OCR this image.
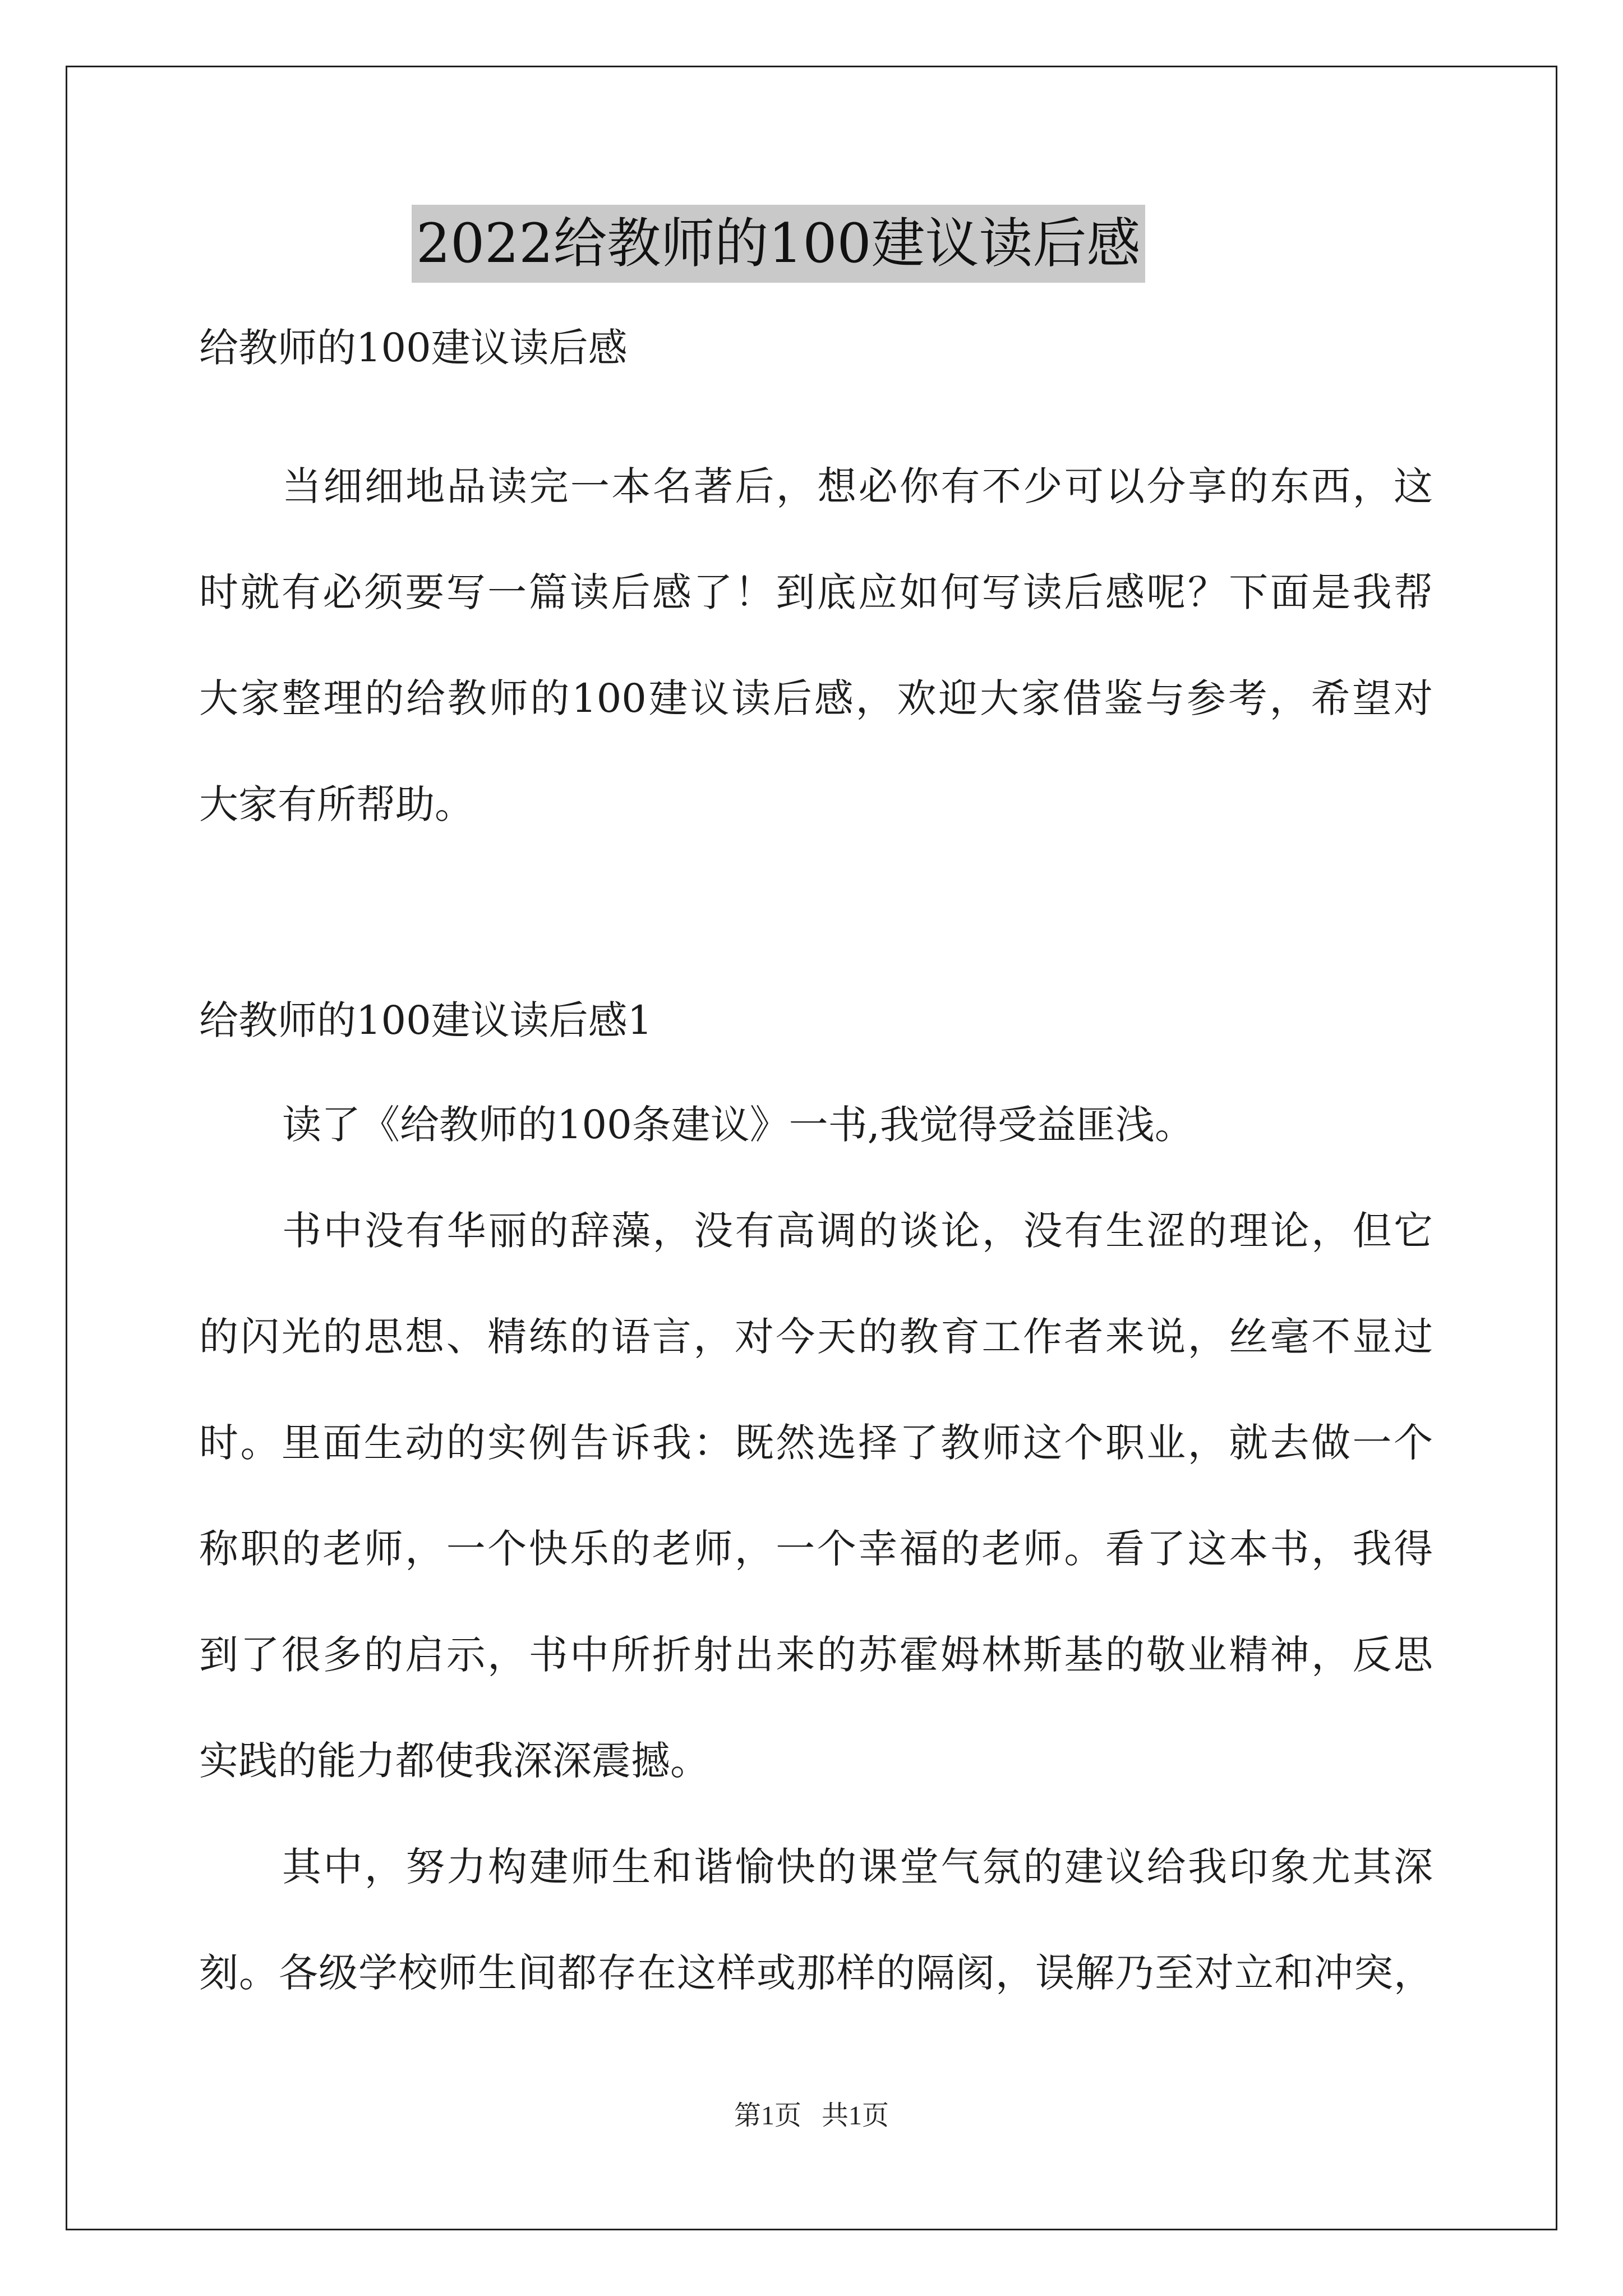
2022给教师的100建议读后感
给教师的100建议读后感
当细细地品读完一本名著后，想必你有不少可以分享的东西，这
时就有必须要写一篇读后感了！到底应如何写读后感呢？下面是我帮
大家整理的给教师的100建议读后感，欢迎大家借鉴与参考，希望对
大家有所帮助。
给教师的100建议读后感1
读了《给教师的100条建议》一书,我觉得受益匪浅。
书中没有华丽的辞藻，没有高调的谈论，没有生涩的理论，但它
的闪光的思想、精练的语言，对今天的教育工作者来说，丝毫不显过
时。里面生动的实例告诉我：既然选择了教师这个职业，就去做一个
称职的老师，一个快乐的老师，一个幸福的老师。看了这本书，我得
到了很多的启示，书中所折射出来的苏霍姆林斯基的敬业精神，反思
实践的能力都使我深深震撼。
其中，努力构建师生和谐愉快的课堂气氛的建议给我印象尤其深
刻。各级学校师生间都存在这样或那样的隔阂，误解乃至对立和冲突，
第1页   共1页
